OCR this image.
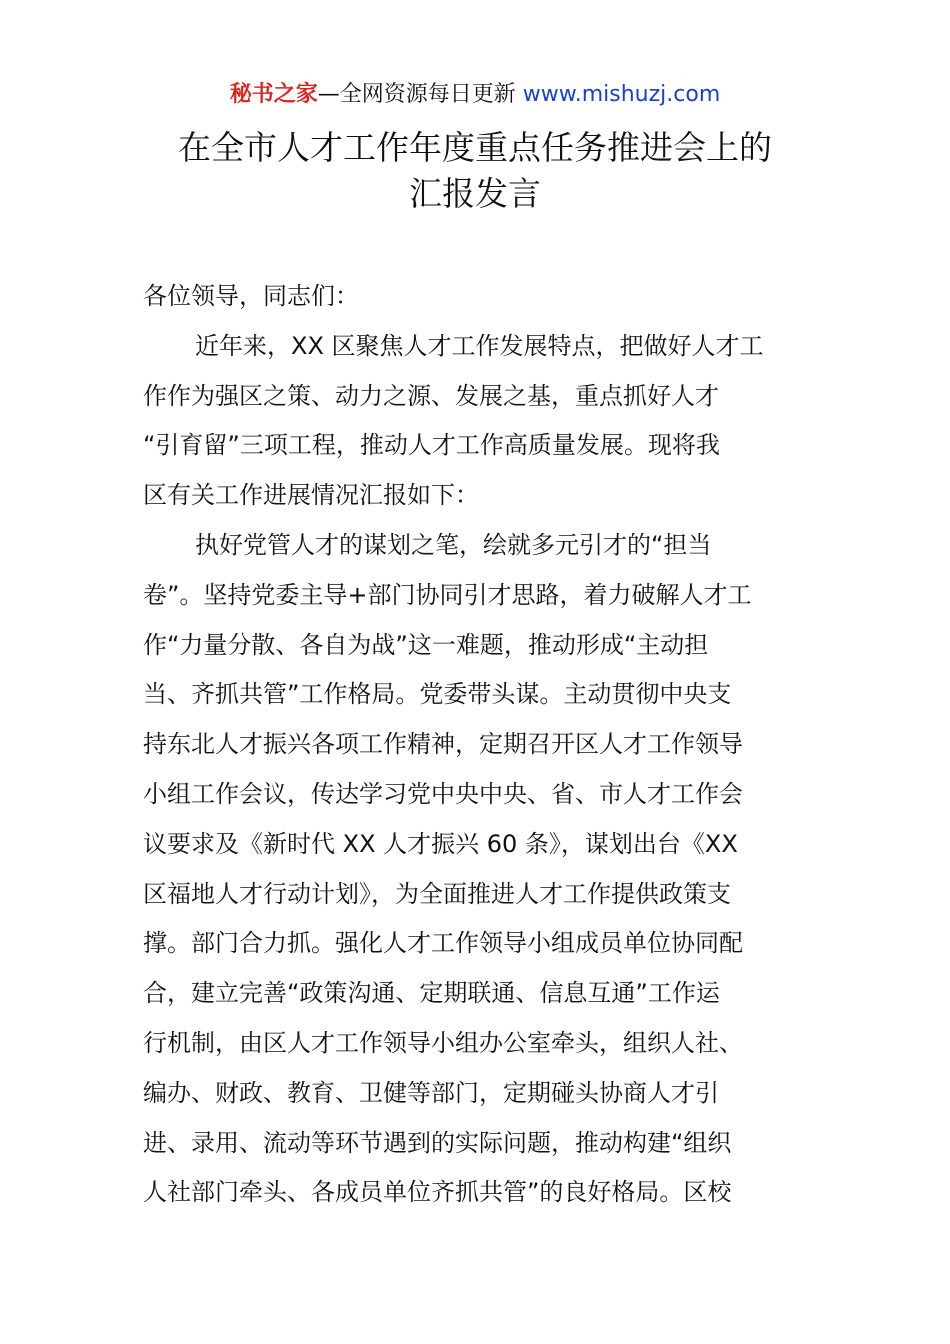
秘书之家—全网资源每日更新 www.mishuzj.com
在全市人才工作年度重点任务推进会上的
汇报发言
各位领导，同志们：
近年来，XX 区聚焦人才工作发展特点，把做好人才工
作作为强区之策、动力之源、发展之基，重点抓好人才
“引育留”三项工程，推动人才工作高质量发展。现将我
区有关工作进展情况汇报如下：
执好党管人才的谋划之笔，绘就多元引才的“担当
卷”。坚持党委主导+部门协同引才思路，着力破解人才工
作“力量分散、各自为战”这一难题，推动形成“主动担
当、齐抓共管”工作格局。党委带头谋。主动贯彻中央支
持东北人才振兴各项工作精神，定期召开区人才工作领导
小组工作会议，传达学习党中央中央、省、市人才工作会
议要求及《新时代 XX 人才振兴 60 条》，谋划出台《XX
区福地人才行动计划》，为全面推进人才工作提供政策支
撑。部门合力抓。强化人才工作领导小组成员单位协同配
合，建立完善“政策沟通、定期联通、信息互通”工作运
行机制，由区人才工作领导小组办公室牵头，组织人社、
编办、财政、教育、卫健等部门，定期碰头协商人才引
进、录用、流动等环节遇到的实际问题，推动构建“组织
人社部门牵头、各成员单位齐抓共管”的良好格局。区校
